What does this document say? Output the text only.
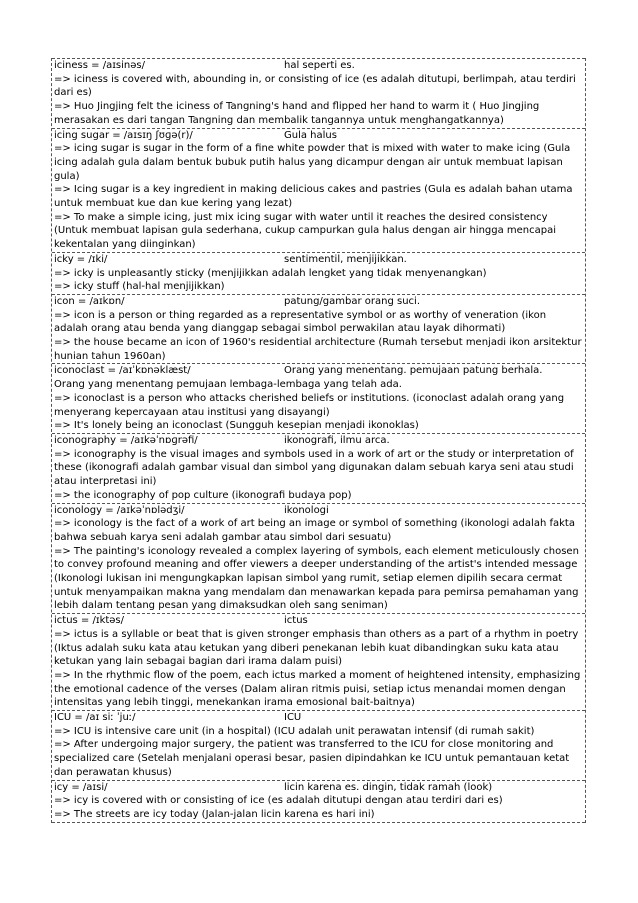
iciness = /aɪsinəs/	hal seperti es.
=> iciness is covered with, abounding in, or consisting of ice (es adalah ditutupi, berlimpah, atau terdiri dari es)
=> Huo Jingjing felt the iciness of Tangning's hand and flipped her hand to warm it ( Huo Jingjing merasakan es dari tangan Tangning dan membalik tangannya untuk menghangatkannya)
icing sugar = /aɪsɪŋ ʃʊɡə(r)/	Gula halus
=> icing sugar is sugar in the form of a fine white powder that is mixed with water to make icing (Gula icing adalah gula dalam bentuk bubuk putih halus yang dicampur dengan air untuk membuat lapisan gula)
=> Icing sugar is a key ingredient in making delicious cakes and pastries (Gula es adalah bahan utama untuk membuat kue dan kue kering yang lezat)
=> To make a simple icing, just mix icing sugar with water until it reaches the desired consistency (Untuk membuat lapisan gula sederhana, cukup campurkan gula halus dengan air hingga mencapai kekentalan yang diinginkan)
icky = /ɪki/	sentimentil, menjijikkan.
=> icky is unpleasantly sticky (menjijikkan adalah lengket yang tidak menyenangkan)
=> icky stuff (hal-hal menjijikkan)
icon = /aɪkɒn/	patung/gambar orang suci.
=> icon is a person or thing regarded as a representative symbol or as worthy of veneration (ikon adalah orang atau benda yang dianggap sebagai simbol perwakilan atau layak dihormati)
=> the house became an icon of 1960's residential architecture (Rumah tersebut menjadi ikon arsitektur hunian tahun 1960an)
iconoclast = /aɪˈkɒnəklæst/	Orang yang menentang. pemujaan patung berhala.
Orang yang menentang pemujaan lembaga-lembaga yang telah ada.
=> iconoclast is a person who attacks cherished beliefs or institutions. (iconoclast adalah orang yang menyerang kepercayaan atau institusi yang disayangi)
=> It's lonely being an iconoclast (Sungguh kesepian menjadi ikonoklas)
iconography = /aɪkəˈnɒɡrəfi/	ikonografi, ilmu arca.
=> iconography is the visual images and symbols used in a work of art or the study or interpretation of these (ikonografi adalah gambar visual dan simbol yang digunakan dalam sebuah karya seni atau studi atau interpretasi ini)
=> the iconography of pop culture (ikonografi budaya pop)
iconology = /aɪkəˈnɒlədʒi/	ikonologi
=> iconology is the fact of a work of art being an image or symbol of something (ikonologi adalah fakta bahwa sebuah karya seni adalah gambar atau simbol dari sesuatu)
=> The painting's iconology revealed a complex layering of symbols, each element meticulously chosen to convey profound meaning and offer viewers a deeper understanding of the artist's intended message (Ikonologi lukisan ini mengungkapkan lapisan simbol yang rumit, setiap elemen dipilih secara cermat untuk menyampaikan makna yang mendalam dan menawarkan kepada para pemirsa pemahaman yang lebih dalam tentang pesan yang dimaksudkan oleh sang seniman)
ictus = /ɪktəs/	ictus
=> ictus is a syllable or beat that is given stronger emphasis than others as a part of a rhythm in poetry (Iktus adalah suku kata atau ketukan yang diberi penekanan lebih kuat dibandingkan suku kata atau ketukan yang lain sebagai bagian dari irama dalam puisi)
=> In the rhythmic flow of the poem, each ictus marked a moment of heightened intensity, emphasizing the emotional cadence of the verses (Dalam aliran ritmis puisi, setiap ictus menandai momen dengan intensitas yang lebih tinggi, menekankan irama emosional bait-baitnya)
ICU = /aɪ siː ˈjuː/	ICU
=> ICU is intensive care unit (in a hospital) (ICU adalah unit perawatan intensif (di rumah sakit)
=> After undergoing major surgery, the patient was transferred to the ICU for close monitoring and specialized care (Setelah menjalani operasi besar, pasien dipindahkan ke ICU untuk pemantauan ketat dan perawatan khusus)
icy = /aɪsi/	licin karena es. dingin, tidak ramah (look)
=> icy is covered with or consisting of ice (es adalah ditutupi dengan atau terdiri dari es)
=> The streets are icy today (Jalan-jalan licin karena es hari ini)
